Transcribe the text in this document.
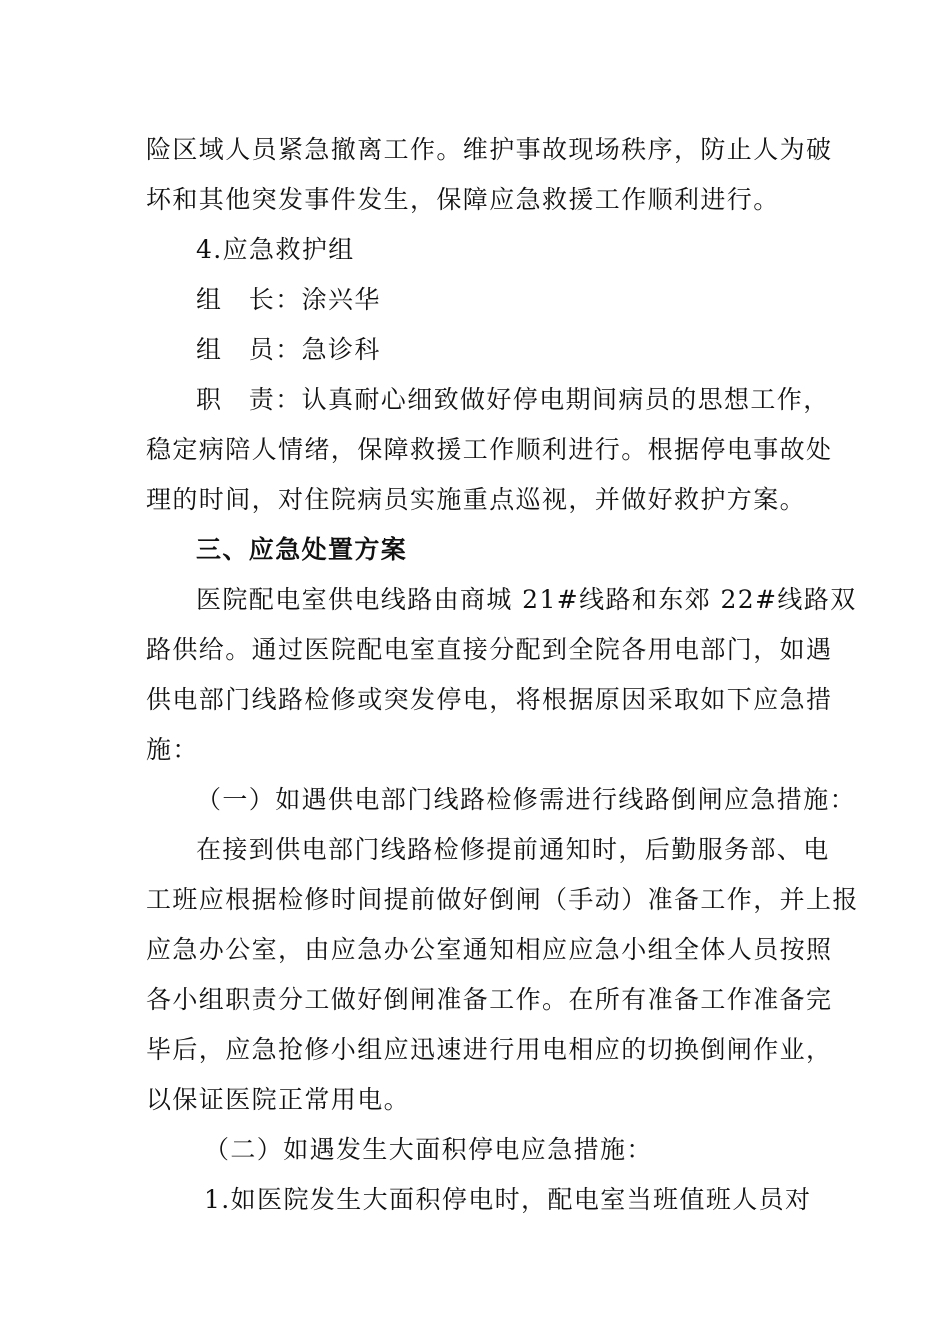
险区域人员紧急撤离工作。维护事故现场秩序，防止人为破
坏和其他突发事件发生，保障应急救援工作顺利进行。
4.应急救护组
组　长：涂兴华
组　员：急诊科
职　责：认真耐心细致做好停电期间病员的思想工作，
稳定病陪人情绪，保障救援工作顺利进行。根据停电事故处
理的时间，对住院病员实施重点巡视，并做好救护方案。
三、应急处置方案
医院配电室供电线路由商城 21#线路和东郊 22#线路双
路供给。通过医院配电室直接分配到全院各用电部门，如遇
供电部门线路检修或突发停电，将根据原因采取如下应急措
施：
（一）如遇供电部门线路检修需进行线路倒闸应急措施：
在接到供电部门线路检修提前通知时，后勤服务部、电
工班应根据检修时间提前做好倒闸（手动）准备工作，并上报
应急办公室，由应急办公室通知相应应急小组全体人员按照
各小组职责分工做好倒闸准备工作。在所有准备工作准备完
毕后，应急抢修小组应迅速进行用电相应的切换倒闸作业，
以保证医院正常用电。
（二）如遇发生大面积停电应急措施：
1.如医院发生大面积停电时，配电室当班值班人员对
